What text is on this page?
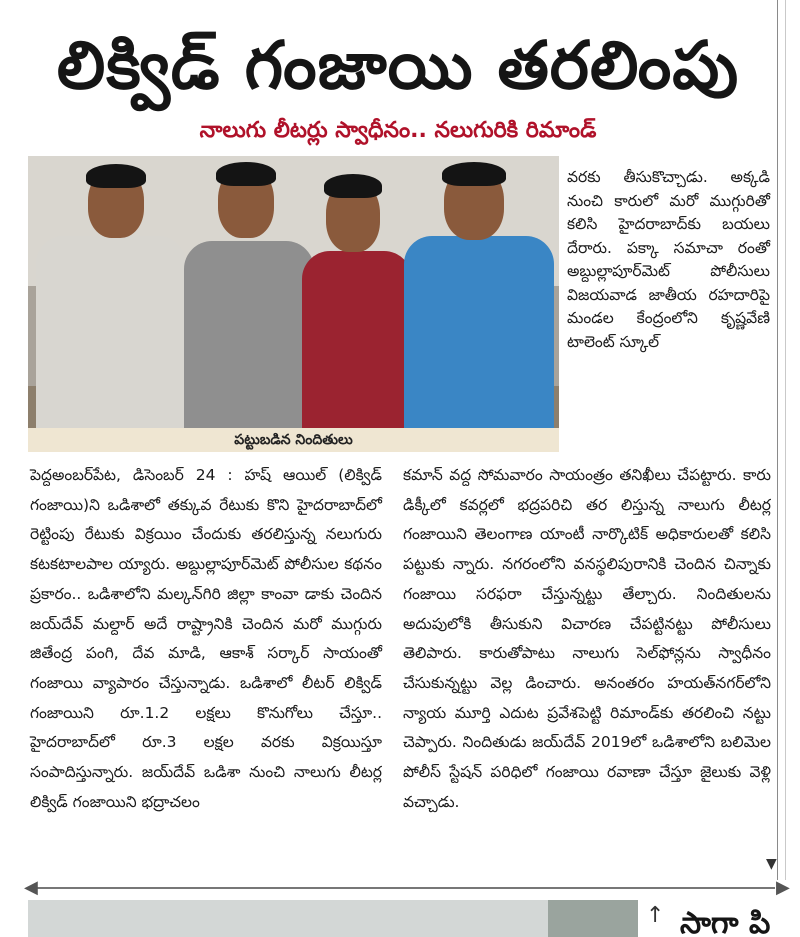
లిక్విడ్ గంజాయి తరలింపు
నాలుగు లీటర్లు స్వాధీనం.. నలుగురికి రిమాండ్
పట్టుబడిన నిందితులు

వరకు తీసుకొచ్చాడు. అక్కడి నుంచి కారులో మరో ముగ్గురితో కలిసి హైదరాబాద్‌కు బయలు దేరారు. పక్కా సమాచా రంతో అబ్దుల్లాపూర్‌మెట్ పోలీసులు విజయవాడ జాతీయ రహదారిపై మండల కేంద్రంలోని కృష్ణవేణి టాలెంట్ స్కూల్

పెద్దఅంబర్‌పేట, డిసెంబర్ 24 : హష్ ఆయిల్ (లిక్విడ్ గంజాయి)ని ఒడిశాలో తక్కువ రేటుకు కొని హైదరాబాద్‌లో రెట్టింపు రేటుకు విక్రయిం చేందుకు తరలిస్తున్న నలుగురు కటకటాలపాల య్యారు. అబ్దుల్లాపూర్‌మెట్ పోలీసుల కథనం ప్రకారం.. ఒడిశాలోని మల్కన్‌గిరి జిల్లా కాంవా డాకు చెందిన జయ్‌దేవ్ మల్దార్ అదే రాష్ట్రానికి చెందిన మరో ముగ్గురు జితేంద్ర పంగి, దేవ మాడి, ఆకాశ్ సర్కార్ సాయంతో గంజాయి వ్యాపారం చేస్తున్నాడు. ఒడిశాలో లీటర్ లిక్విడ్ గంజాయిని రూ.1.2 లక్షలు కొనుగోలు చేస్తూ.. హైదరాబాద్‌లో రూ.3 లక్షల వరకు విక్రయిస్తూ సంపాదిస్తున్నారు. జయ్‌దేవ్ ఒడిశా నుంచి నాలుగు లీటర్ల లిక్విడ్ గంజాయిని భద్రాచలం

కమాన్ వద్ద సోమవారం సాయంత్రం తనిఖీలు చేపట్టారు. కారు డిక్కీలో కవర్లలో భద్రపరిచి తర లిస్తున్న నాలుగు లీటర్ల గంజాయిని తెలంగాణ యాంటీ నార్కొటిక్ అధికారులతో కలిసి పట్టుకు న్నారు. నగరంలోని వనస్థలిపురానికి చెందిన చిన్నాకు గంజాయి సరఫరా చేస్తున్నట్టు తేల్చారు. నిందితులను అదుపులోకి తీసుకుని విచారణ చేపట్టినట్టు పోలీసులు తెలిపారు. కారుతోపాటు నాలుగు సెల్‌ఫోన్లను స్వాధీనం చేసుకున్నట్టు వెల్ల డించారు. అనంతరం హయత్‌నగర్‌లోని న్యాయ మూర్తి ఎదుట ప్రవేశపెట్టి రిమాండ్‌కు తరలించి నట్టు చెప్పారు. నిందితుడు జయ్‌దేవ్ 2019లో ఒడిశాలోని బలిమెల పోలీస్ స్టేషన్ పరిధిలో గంజాయి రవాణా చేస్తూ జైలుకు వెళ్లి వచ్చాడు.

▼
◀	▶
↑ సాగా పి
